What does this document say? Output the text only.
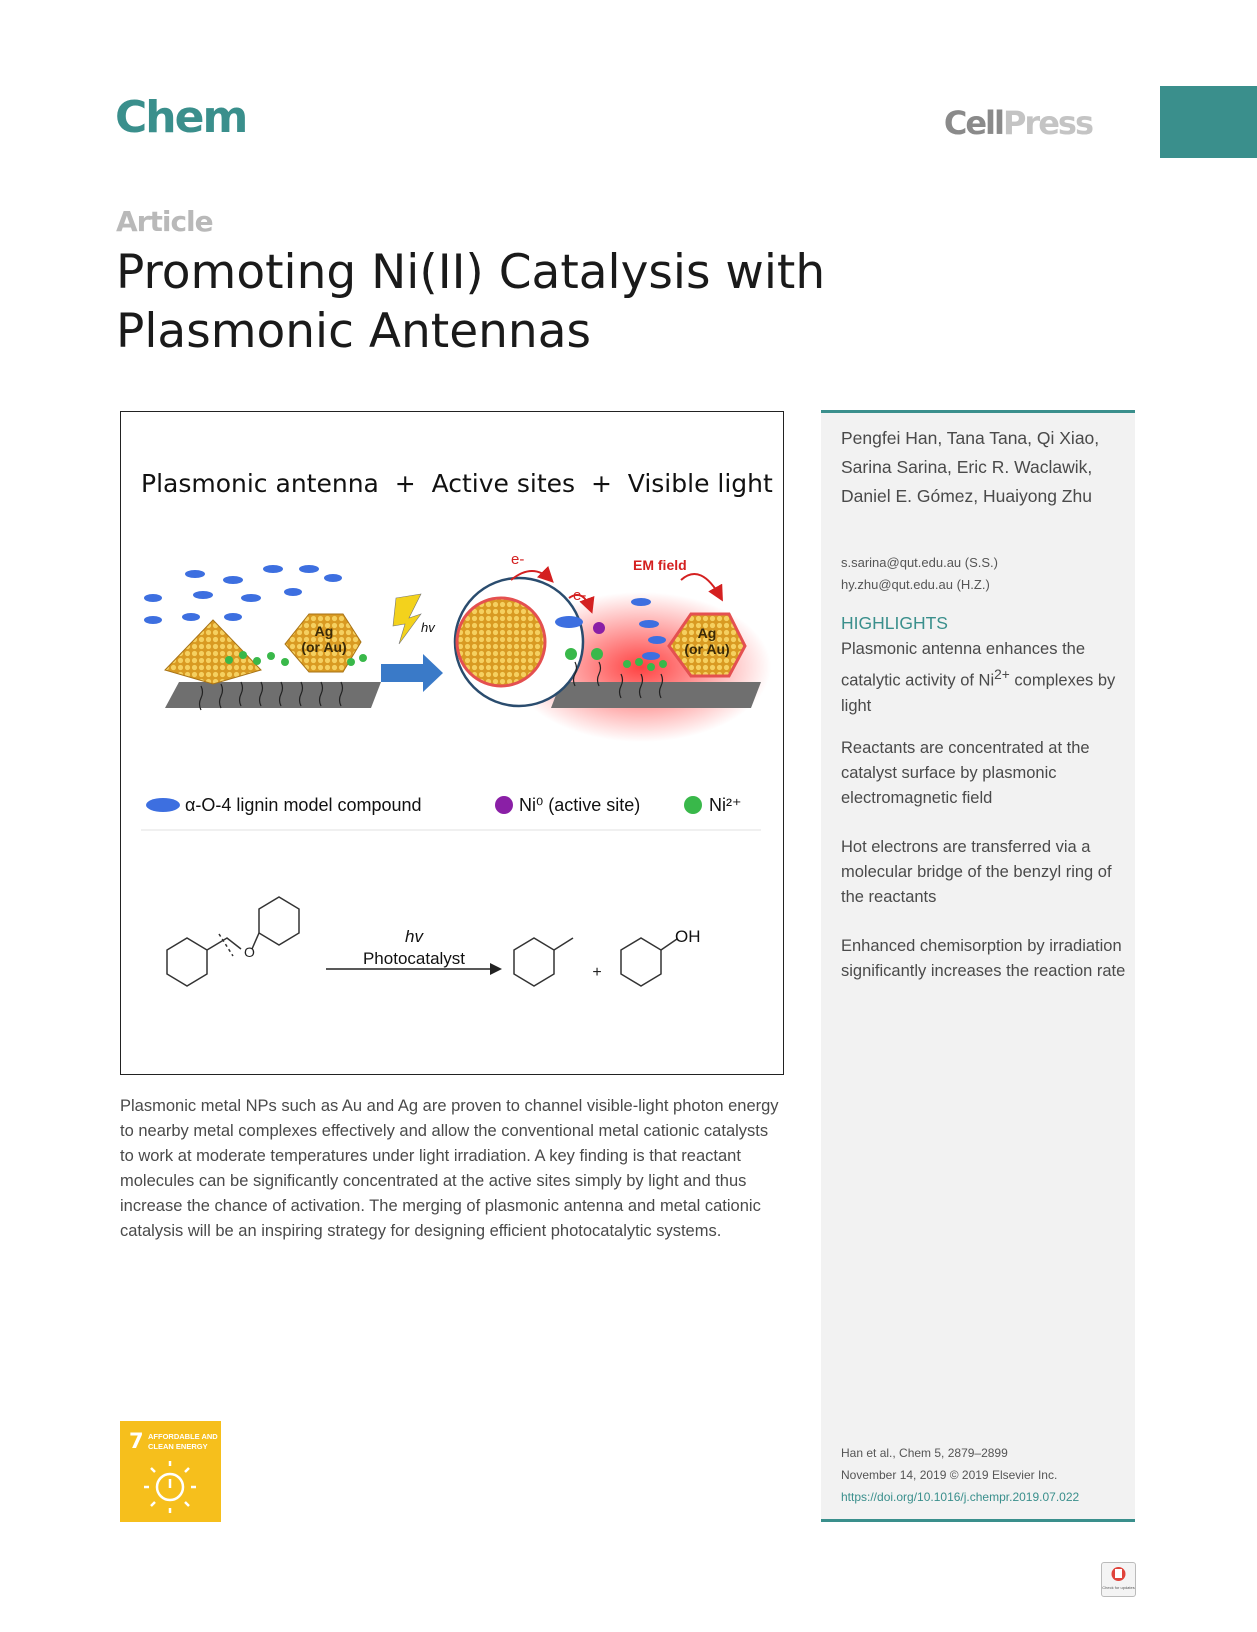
Chem	CellPress
Article
Promoting Ni(II) Catalysis with Plasmonic Antennas
Plasmonic antenna  +  Active sites  +  Visible light
Ag
(or Au)
hv	Ag
(or Au)
e-
e-
EM field
α-O-4 lignin model compound	Ni⁰ (active site)	Ni²⁺
O
hv
Photocatalyst
+
OH

Plasmonic metal NPs such as Au and Ag are proven to channel visible-light photon energy to nearby metal complexes effectively and allow the conventional metal cationic catalysts to work at moderate temperatures under light irradiation. A key finding is that reactant molecules can be significantly concentrated at the active sites simply by light and thus increase the chance of activation. The merging of plasmonic antenna and metal cationic catalysis will be an inspiring strategy for designing efficient photocatalytic systems.

Pengfei Han, Tana Tana, Qi Xiao, Sarina Sarina, Eric R. Waclawik, Daniel E. Gómez, Huaiyong Zhu

s.sarina@qut.edu.au (S.S.)
hy.zhu@qut.edu.au (H.Z.)
HIGHLIGHTS

Plasmonic antenna enhances the catalytic activity of $Ni^{2+}$ complexes by light

Reactants are concentrated at the catalyst surface by plasmonic electromagnetic field

Hot electrons are transferred via a molecular bridge of the benzyl ring of the reactants

Enhanced chemisorption by irradiation significantly increases the reaction rate

Han et al., Chem 5, 2879–2899
November 14, 2019 © 2019 Elsevier Inc.
https://doi.org/10.1016/j.chempr.2019.07.022
7 AFFORDABLE AND CLEAN ENERGY
Check for updates
